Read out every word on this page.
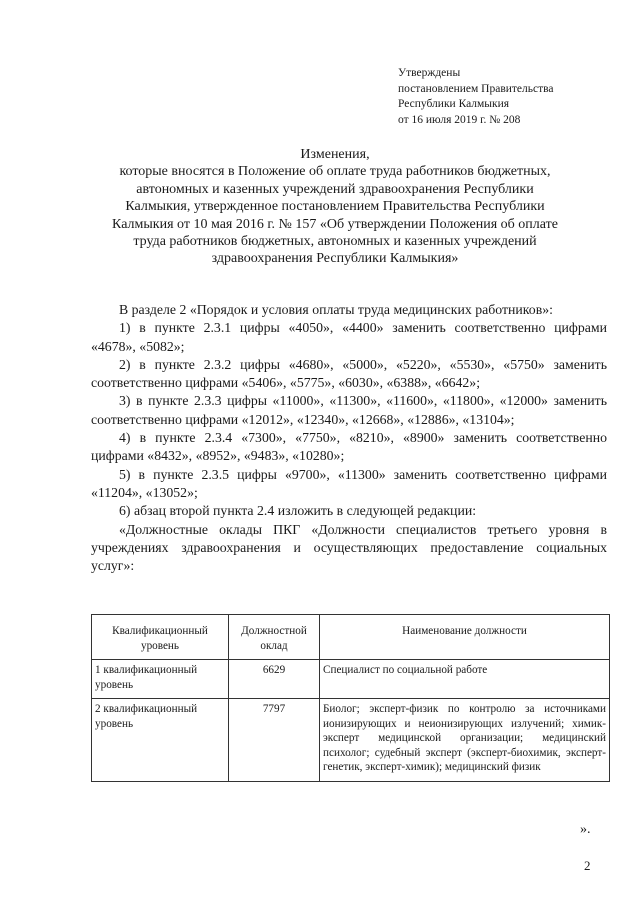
Утверждены
постановлением Правительства
Республики Калмыкия
от 16 июля 2019 г. № 208
Изменения,
которые вносятся в Положение об оплате труда работников бюджетных,
автономных и казенных учреждений здравоохранения Республики
Калмыкия, утвержденное постановлением Правительства Республики
Калмыкия от 10 мая 2016 г. № 157 «Об утверждении Положения об оплате
труда работников бюджетных, автономных и казенных учреждений
здравоохранения Республики Калмыкия»

В разделе 2 «Порядок и условия оплаты труда медицинских работников»:

1) в пункте 2.3.1 цифры «4050», «4400» заменить соответственно цифрами «4678», «5082»;

2) в пункте 2.3.2 цифры «4680», «5000», «5220», «5530», «5750» заменить соответственно цифрами «5406», «5775», «6030», «6388», «6642»;

3) в пункте 2.3.3 цифры «11000», «11300», «11600», «11800», «12000» заменить соответственно цифрами «12012», «12340», «12668», «12886», «13104»;

4) в пункте 2.3.4 «7300», «7750», «8210», «8900» заменить соответственно цифрами «8432», «8952», «9483», «10280»;

5) в пункте 2.3.5 цифры «9700», «11300» заменить соответственно цифрами «11204», «13052»;

6) абзац второй пункта 2.4 изложить в следующей редакции:

«Должностные оклады ПКГ «Должности специалистов третьего уровня в учреждениях здравоохранения и осуществляющих предоставление социальных услуг»:

Квалификационный уровень	Должностной оклад	Наименование должности
1 квалификационный уровень	6629	Специалист по социальной работе
2 квалификационный уровень	7797	Биолог; эксперт-физик по контролю за источниками ионизирующих и неионизирующих излучений; химик-эксперт медицинской организации; медицинский психолог; судебный эксперт (эксперт-биохимик, эксперт-генетик, эксперт-химик); медицинский физик
».
2
